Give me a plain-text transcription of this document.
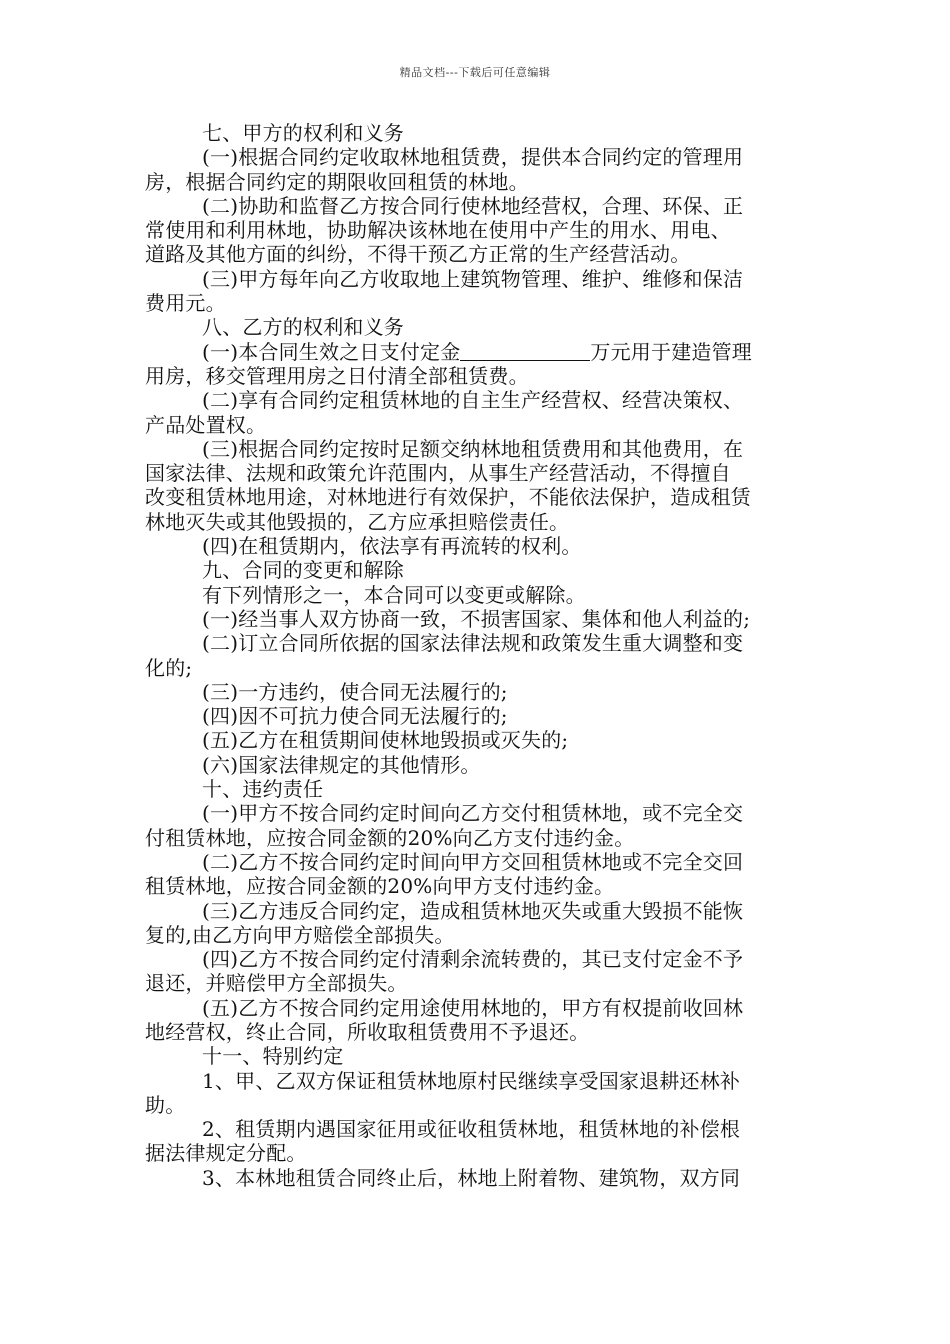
精品文档---下载后可任意编辑
七、甲方的权利和义务
(一)根据合同约定收取林地租赁费，提供本合同约定的管理用
房，根据合同约定的期限收回租赁的林地。
(二)协助和监督乙方按合同行使林地经营权，合理、环保、正
常使用和利用林地，协助解决该林地在使用中产生的用水、用电、
道路及其他方面的纠纷，不得干预乙方正常的生产经营活动。
(三)甲方每年向乙方收取地上建筑物管理、维护、维修和保洁
费用元。
八、乙方的权利和义务
(一)本合同生效之日支付定金	万元用于建造管理
用房，移交管理用房之日付清全部租赁费。
(二)享有合同约定租赁林地的自主生产经营权、经营决策权、
产品处置权。
(三)根据合同约定按时足额交纳林地租赁费用和其他费用，在
国家法律、法规和政策允许范围内，从事生产经营活动，不得擅自
改变租赁林地用途，对林地进行有效保护，不能依法保护，造成租赁
林地灭失或其他毁损的，乙方应承担赔偿责任。
(四)在租赁期内，依法享有再流转的权利。
九、合同的变更和解除
有下列情形之一，本合同可以变更或解除。
(一)经当事人双方协商一致，不损害国家、集体和他人利益的;
(二)订立合同所依据的国家法律法规和政策发生重大调整和变
化的;
(三)一方违约，使合同无法履行的;
(四)因不可抗力使合同无法履行的;
(五)乙方在租赁期间使林地毁损或灭失的;
(六)国家法律规定的其他情形。
十、违约责任
(一)甲方不按合同约定时间向乙方交付租赁林地，或不完全交
付租赁林地，应按合同金额的20%向乙方支付违约金。
(二)乙方不按合同约定时间向甲方交回租赁林地或不完全交回
租赁林地，应按合同金额的20%向甲方支付违约金。
(三)乙方违反合同约定，造成租赁林地灭失或重大毁损不能恢
复的,由乙方向甲方赔偿全部损失。
(四)乙方不按合同约定付清剩余流转费的，其已支付定金不予
退还，并赔偿甲方全部损失。
(五)乙方不按合同约定用途使用林地的，甲方有权提前收回林
地经营权，终止合同，所收取租赁费用不予退还。
十一、特别约定
1、甲、乙双方保证租赁林地原村民继续享受国家退耕还林补
助。
2、租赁期内遇国家征用或征收租赁林地，租赁林地的补偿根
据法律规定分配。
3、本林地租赁合同终止后，林地上附着物、建筑物，双方同
